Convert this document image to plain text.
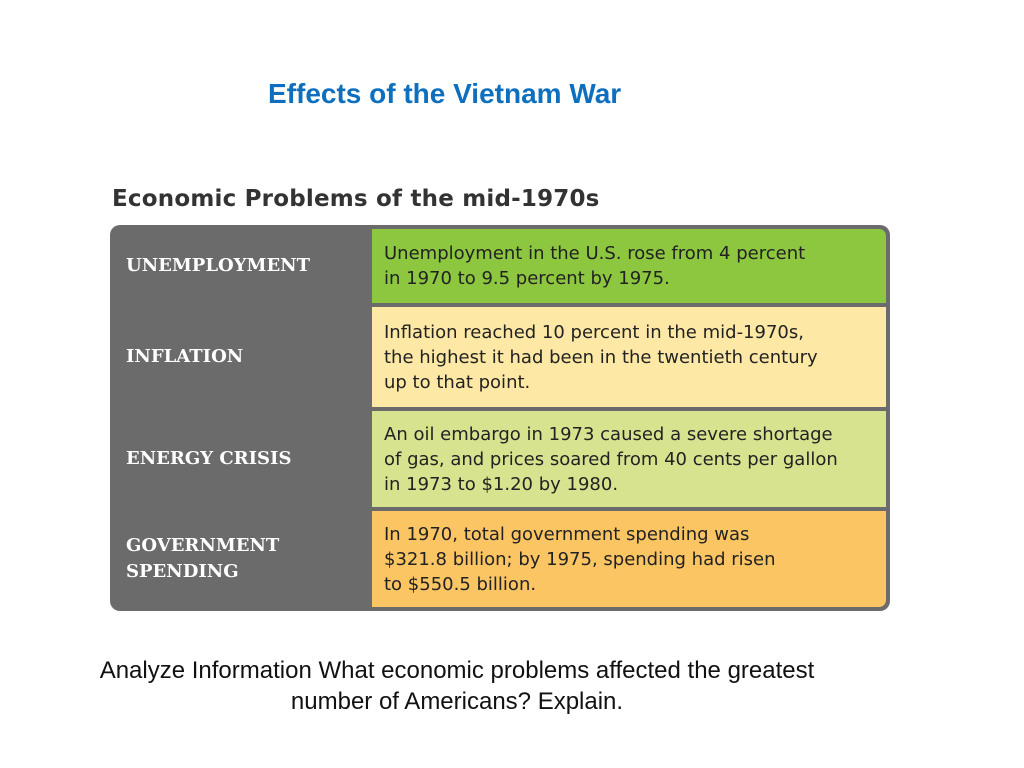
Effects of the Vietnam War
Economic Problems of the mid-1970s
UNEMPLOYMENT
Unemployment in the U.S. rose from 4 percent
in 1970 to 9.5 percent by 1975.
INFLATION
Inflation reached 10 percent in the mid-1970s,
the highest it had been in the twentieth century
up to that point.
ENERGY CRISIS
An oil embargo in 1973 caused a severe shortage
of gas, and prices soared from 40 cents per gallon
in 1973 to $1.20 by 1980.
GOVERNMENT
SPENDING
In 1970, total government spending was
$321.8 billion; by 1975, spending had risen
to $550.5 billion.
Analyze Information What economic problems affected the greatest
number of Americans? Explain.
